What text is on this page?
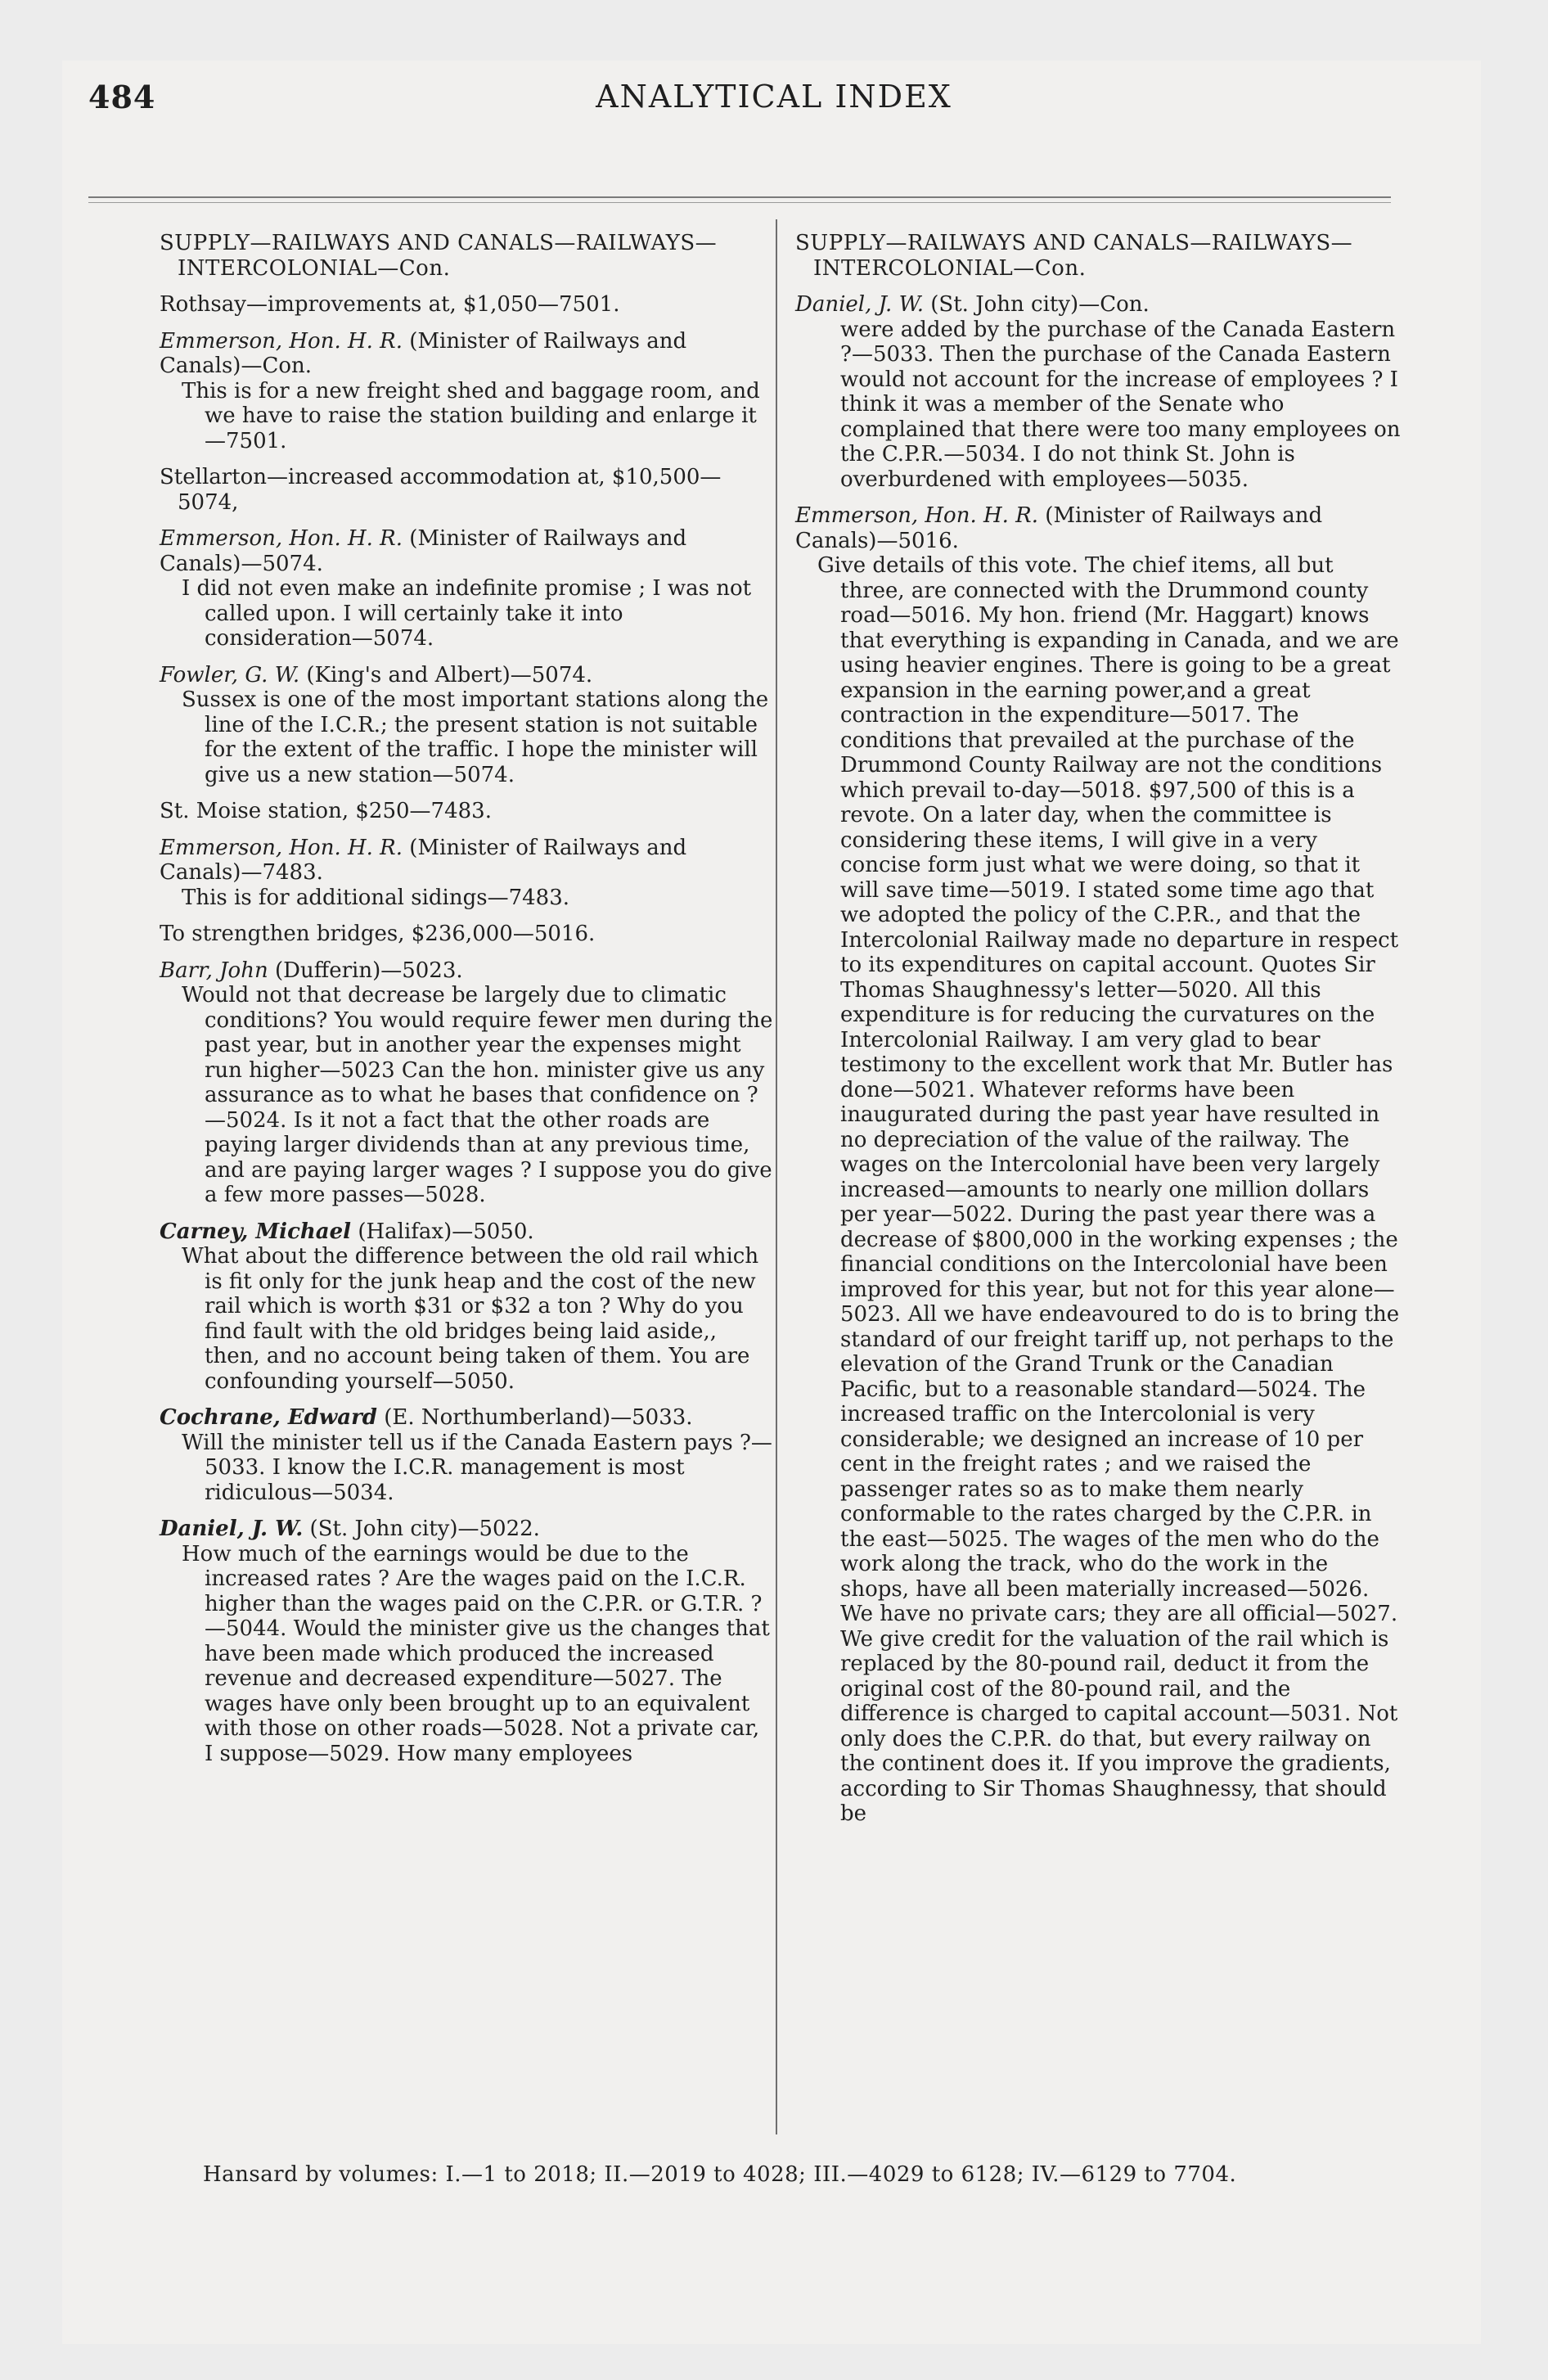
484	ANALYTICAL INDEX

SUPPLY—RAILWAYS AND CANALS—RAILWAYS—INTERCOLONIAL—Con.

Rothsay—improvements at, $1,050—7501.

Emmerson, Hon. H. R. (Minister of Railways and Canals)—Con.

This is for a new freight shed and baggage room, and we have to raise the station building and enlarge it—7501.

Stellarton—increased accommodation at, $10,500—5074,

Emmerson, Hon. H. R. (Minister of Railways and Canals)—5074.

I did not even make an indefinite promise ; I was not called upon. I will certainly take it into consideration—5074.

Fowler, G. W. (King's and Albert)—5074.

Sussex is one of the most important stations along the line of the I.C.R.; the present station is not suitable for the extent of the traffic. I hope the minister will give us a new station—5074.

St. Moise station, $250—7483.

Emmerson, Hon. H. R. (Minister of Railways and Canals)—7483.

This is for additional sidings—7483.

To strengthen bridges, $236,000—5016.

Barr, John (Dufferin)—5023.

Would not that decrease be largely due to climatic conditions? You would require fewer men during the past year, but in another year the expenses might run higher—5023 Can the hon. minister give us any assurance as to what he bases that confidence on ?—5024. Is it not a fact that the other roads are paying larger dividends than at any previous time, and are paying larger wages ? I suppose you do give a few more passes—5028.

Carney, Michael (Halifax)—5050.

What about the difference between the old rail which is fit only for the junk heap and the cost of the new rail which is worth $31 or $32 a ton ? Why do you find fault with the old bridges being laid aside,, then, and no account being taken of them. You are confounding yourself—5050.

Cochrane, Edward (E. Northumberland)—5033.

Will the minister tell us if the Canada Eastern pays ?—5033. I know the I.C.R. management is most ridiculous—5034.

Daniel, J. W. (St. John city)—5022.

How much of the earnings would be due to the increased rates ? Are the wages paid on the I.C.R. higher than the wages paid on the C.P.R. or G.T.R. ?—5044. Would the minister give us the changes that have been made which produced the increased revenue and decreased expenditure—5027. The wages have only been brought up to an equivalent with those on other roads—5028. Not a private car, I suppose—5029. How many employees

SUPPLY—RAILWAYS AND CANALS—RAILWAYS—INTERCOLONIAL—Con.

Daniel, J. W. (St. John city)—Con.

were added by the purchase of the Canada Eastern ?—5033. Then the purchase of the Canada Eastern would not account for the increase of employees ? I think it was a member of the Senate who complained that there were too many employees on the C.P.R.—5034. I do not think St. John is overburdened with employees—5035.

Emmerson, Hon. H. R. (Minister of Railways and Canals)—5016.

Give details of this vote. The chief items, all but three, are connected with the Drummond county road—5016. My hon. friend (Mr. Haggart) knows that everything is expanding in Canada, and we are using heavier engines. There is going to be a great expansion in the earning power,and a great contraction in the expenditure—5017. The conditions that prevailed at the purchase of the Drummond County Railway are not the conditions which prevail to-day—5018. $97,500 of this is a revote. On a later day, when the committee is considering these items, I will give in a very concise form just what we were doing, so that it will save time—5019. I stated some time ago that we adopted the policy of the C.P.R., and that the Intercolonial Railway made no departure in respect to its expenditures on capital account. Quotes Sir Thomas Shaughnessy's letter—5020. All this expenditure is for reducing the curvatures on the Intercolonial Railway. I am very glad to bear testimony to the excellent work that Mr. Butler has done—5021. Whatever reforms have been inaugurated during the past year have resulted in no depreciation of the value of the railway. The wages on the Intercolonial have been very largely increased—amounts to nearly one million dollars per year—5022. During the past year there was a decrease of $800,000 in the working expenses ; the financial conditions on the Intercolonial have been improved for this year, but not for this year alone—5023. All we have endeavoured to do is to bring the standard of our freight tariff up, not perhaps to the elevation of the Grand Trunk or the Canadian Pacific, but to a reasonable standard—5024. The increased traffic on the Intercolonial is very considerable; we designed an increase of 10 per cent in the freight rates ; and we raised the passenger rates so as to make them nearly conformable to the rates charged by the C.P.R. in the east—5025. The wages of the men who do the work along the track, who do the work in the shops, have all been materially increased—5026. We have no private cars; they are all official—5027. We give credit for the valuation of the rail which is replaced by the 80-pound rail, deduct it from the original cost of the 80-pound rail, and the difference is charged to capital account—5031. Not only does the C.P.R. do that, but every railway on the continent does it. If you improve the gradients, according to Sir Thomas Shaughnessy, that should be

Hansard by volumes: I.—1 to 2018; II.—2019 to 4028; III.—4029 to 6128; IV.—6129 to 7704.
